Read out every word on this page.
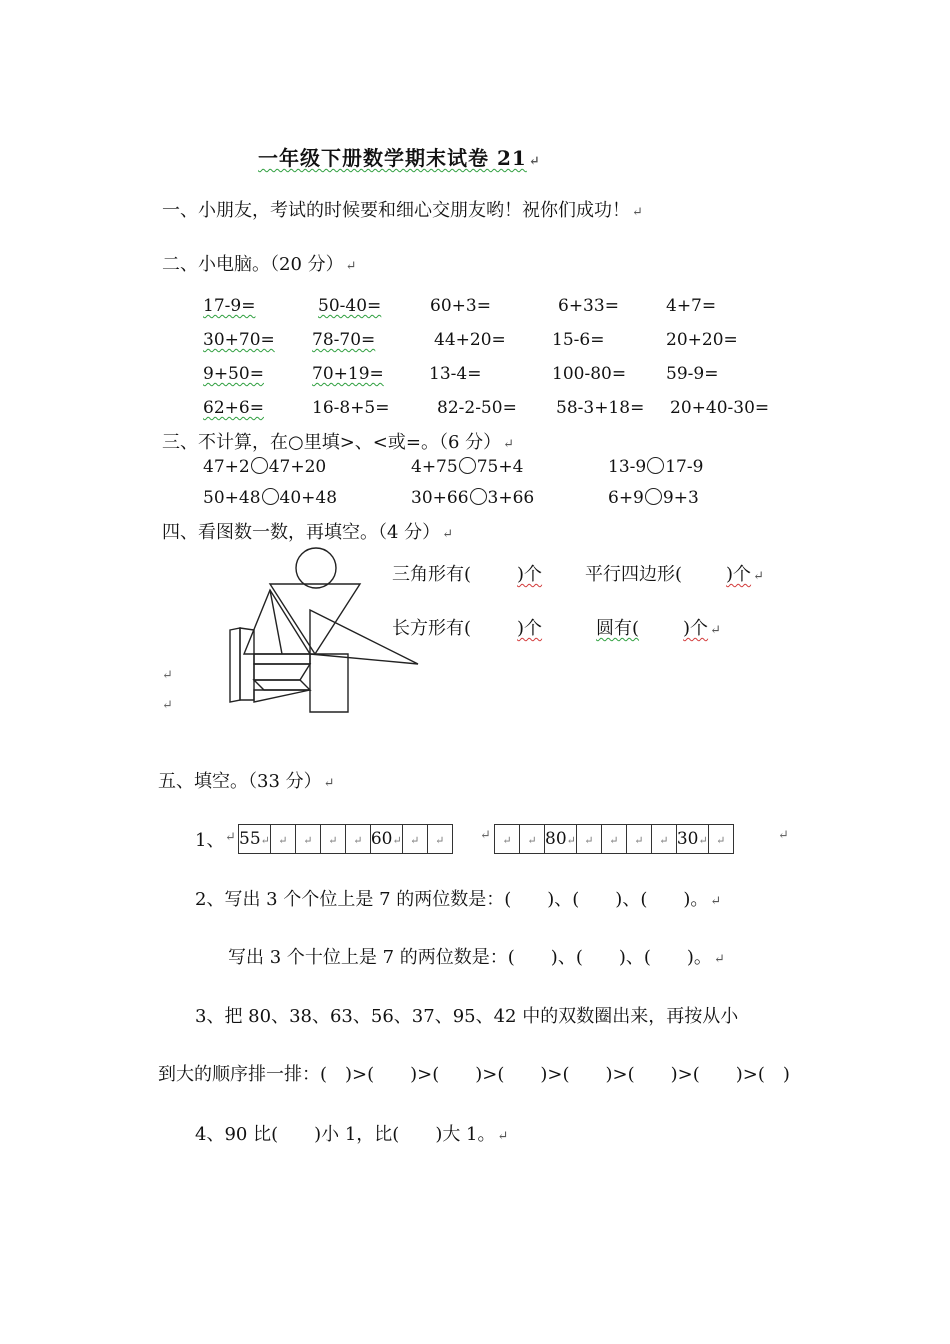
一年级下册数学期末试卷 21 ↵
一、小朋友，考试的时候要和细心交朋友哟！祝你们成功！ ↵
二、小电脑。（20 分） ↵
17-9=	50-40=	60+3=	6+33=	4+7=
30+70= 78-70=	44+20=	15-6=	20+20=
9+50=	70+19=	13-4=	100-80= 59-9=
62+6=	16-8+5=	82-2-50= 58-3+18= 20+40-30=
三、不计算，在○里填>、<或=。（6 分） ↵
47+2 47+20	4+75 75+4	13-9 17-9
50+48 40+48	30+66 3+66	6+9 9+3
四、看图数一数，再填空。（4 分） ↵
三角形有(	)个 平行四边形( )个 ↵
长方形有(	)个	圆有( )个 ↵
↵
↵
五、填空。（33 分） ↵
1、 ↵ 55↵	↵	↵	↵	↵	60↵	↵	↵	↵ ↵	↵	80↵	↵	↵	↵	↵	30↵	↵	↵
2、写出 3 个个位上是 7 的两位数是：(　　)、(　　)、(　　)。 ↵
写出 3 个十位上是 7 的两位数是：(　　)、(　　)、(　　)。 ↵
3、把 80、38、63、56、37、95、42 中的双数圈出来，再按从小
到大的顺序排一排：(　)>(　　)>(　　)>(　　)>(　　)>(　　)>(　　)>(　)
4、90 比(　　)小 1，比(　　)大 1。 ↵
